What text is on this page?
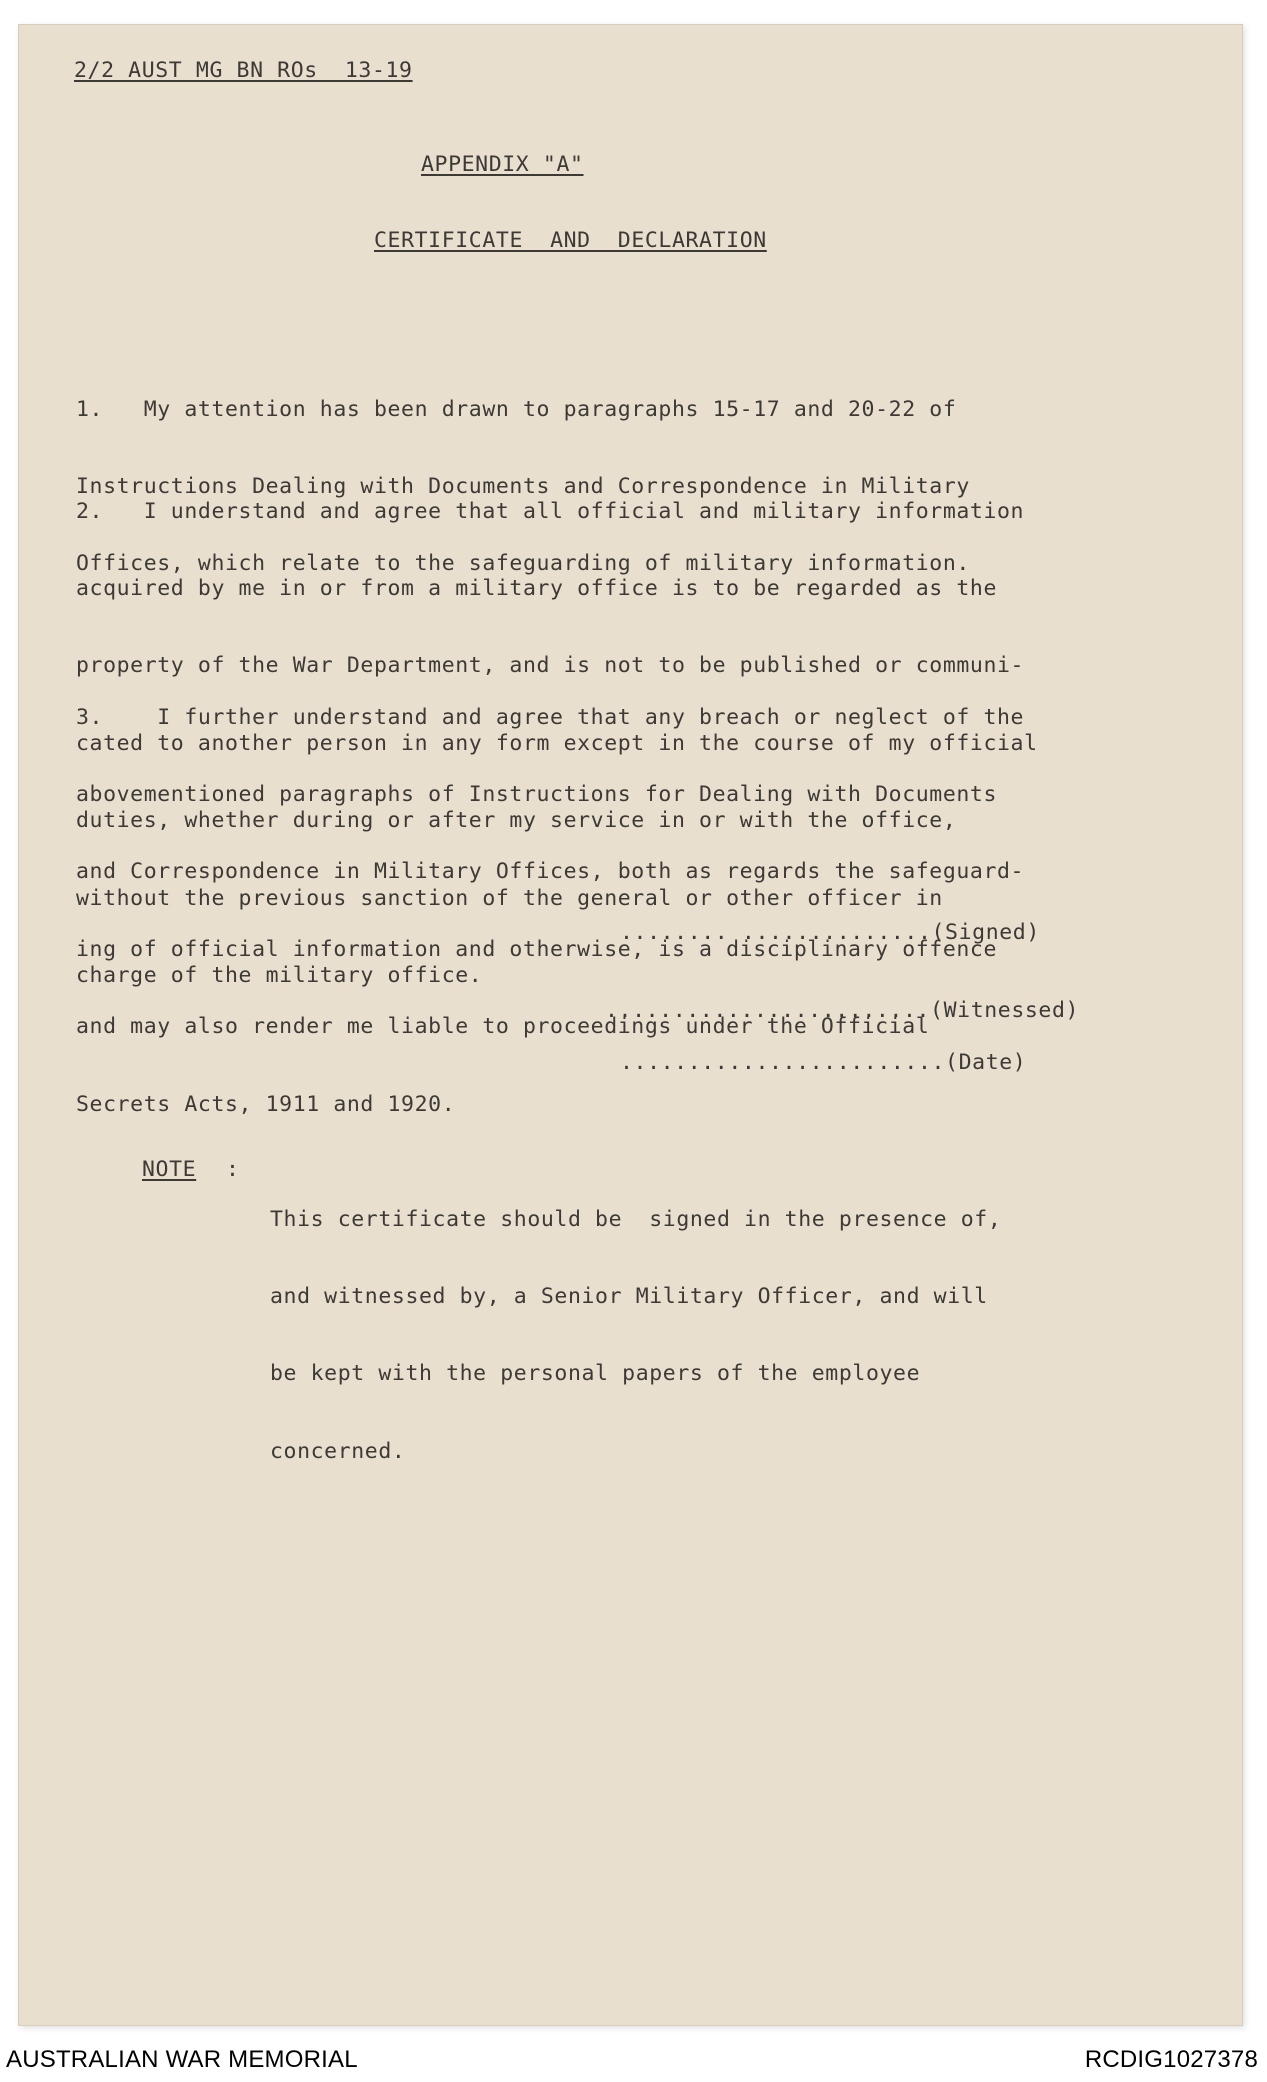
2/2 AUST MG BN ROs  13-19
APPENDIX "A"
CERTIFICATE  AND  DECLARATION

1.   My attention has been drawn to paragraphs 15-17 and 20-22 of

Instructions Dealing with Documents and Correspondence in Military

Offices, which relate to the safeguarding of military information.

2.   I understand and agree that all official and military information

acquired by me in or from a military office is to be regarded as the

property of the War Department, and is not to be published or communi-

cated to another person in any form except in the course of my official

duties, whether during or after my service in or with the office,

without the previous sanction of the general or other officer in

charge of the military office.

3.    I further understand and agree that any breach or neglect of the

abovementioned paragraphs of Instructions for Dealing with Documents

and Correspondence in Military Offices, both as regards the safeguard-

ing of official information and otherwise, is a disciplinary offence

and may also render me liable to proceedings under the Official

Secrets Acts, 1911 and 1920.

........ ..............(Signed)
........................(Witnessed)
........................(Date)
NOTE :

This certificate should be  signed in the presence of,

and witnessed by, a Senior Military Officer, and will

be kept with the personal papers of the employee

concerned.

AUSTRALIAN WAR MEMORIAL	RCDIG1027378
